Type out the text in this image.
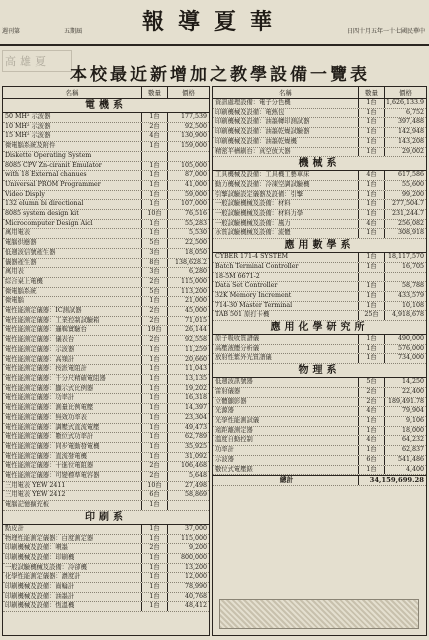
週刊第	五期屆	報導夏華	日四十月五年一十七國民華中
高雄夏
本校最近新增加之教學設備一覽表
名稱	數量	價格
電機系
50 MH² 示波器	1台	177,539
10 MH² 示波器	2台	92,500
15 MH² 示波器	4台	130,900
微電腦系統及附件	1台	159,000
Diskette Operating System
8085 CPV Zn-ciranit Emulator	1台	105,000
with 18 External chanues	1台	87,000
Universal PROM Programmer	1台	41,000
Video Disply	1台	59,000
132 elumn bi directional	1台	107,000
8085 system design kit	10台	76,516
Microcomputer Design Aicl	1台	55,283
萬用電表	1台	5,530
電腦供應器	5台	22,500
低週波信號產生器	3台	18,050
儀器產生器	8台	138,628.2
萬用表	3台	6,280
綜合桌上電機	2台	115,000
微電腦系統	5台	113,200
微電腦	1台	21,000
電性能測定儀器：IC測試器	2台	45,000
電性能測定儀器：工業控制試驗箱	2台	71,015
電性能測定儀器：邏輯實驗台	19台	26,144
電性能測定儀器：儀表台	2台	92,558
電性能測定儀器：示波器	1台	11,259
電性能測定儀器：高頻計	1台	20,660
電性能測定儀器：按派電阻計	1台	11,043
電性能測定儀器：千分尺精確電阻器	1台	13,135
電性能測定儀器：顯示式比例器	1台	19,202
電性能測定儀器：功率計	1台	16,318
電性能測定儀器：測量比例電壓	1台	14,397
電性能測定儀器：無效功率表	1台	23,304
電性能測定儀器：調壓式直流電壓	1台	49,473
電性能測定儀器：數位式功率計	1台	62,789
電性能測定儀器：同步電動發電機	1台	35,925
電性能測定儀器：直流發電機	1台	31,092
電性能測定儀器：十進位電阻器	2台	106,468
電性能測定儀器：可變標準電容器	2台	5,648
三用電表 YEW 2411	10台	27,498
三用電表 YEW 2412	6台	58,869
電腦記憶擴充板	1台
印刷系
點皮計	1台	37,000
物理性能測定儀器：白度測定器	1台	115,000
印刷機械及設備：噴墨	2台	9,200
印刷機械及設備：印刷機	1台	800,000
一般試驗機械及設備：冷卻機	1台	13,200
化學性能測定儀器：濃度計	1台	12,000
印刷機械及設備：齒輪計	1台	78,990
印刷機械及設備：油墨計	1台	40,768
印刷機械及設備：恆溫機	1台	48,412
名稱	數量	價格
資訊處理設備：電子分色機	1台	1,626,133.9
印刷機械及設備：電熱包	1台	6,752
印刷機械及設備：油墨轉印測試器	1台	397,488
印刷機械及設備：油墨乾燥試驗器	1台	142,948
印刷機械及設備：油墨乾燥機	1台	143,208
精密平槽刷台：真空放大器	1台	29,002
機械系
工具機械及設備：工具機工藝車床	4台	617,586
動力機械及設備：冷凍空調試驗機	1台	55,600
引擎試驗設定儀器及設備：引擎	1台	99,200
一般試驗機械及設備：材料	1台	277,504.7
一般試驗機械及設備：材料力學	1台	231,244.7
一般試驗機械及設備：風力	4台	256,082
水質試驗機械及設備：流體	1台	308,918
應用數學系
CYBER 171-4 SYSTEM	1台	18,117,570
Batch Terminal Controller	1台	16,705
18-5M 6671-2
Data Set Controller	1台	58,788
32K Memory Increment	1台	433,579
714-30 Master Terminal	1台	10,108
TAB 501 原打卡機	25台	4,918,678
應用化學研究所
原子吸收質譜儀	1台	490,000
高壓液體分析儀	1台	576,000
放射性紫外光質譜儀	1台	734,000
物理系
低週波訊號器	5台	14,250
雷射儀器	2台	22,400
立體顯影器	2台	189,491.78
光源器	4台	79,904
光學性能測試儀	1台	9,106
遠距離測定器	1台	18,000
溫度自動控制	4台	64,232
功率計	1台	62,837
示波器	6台	541,486
數位式電壓錶	1台	4,400
總計	34,159,699.28
